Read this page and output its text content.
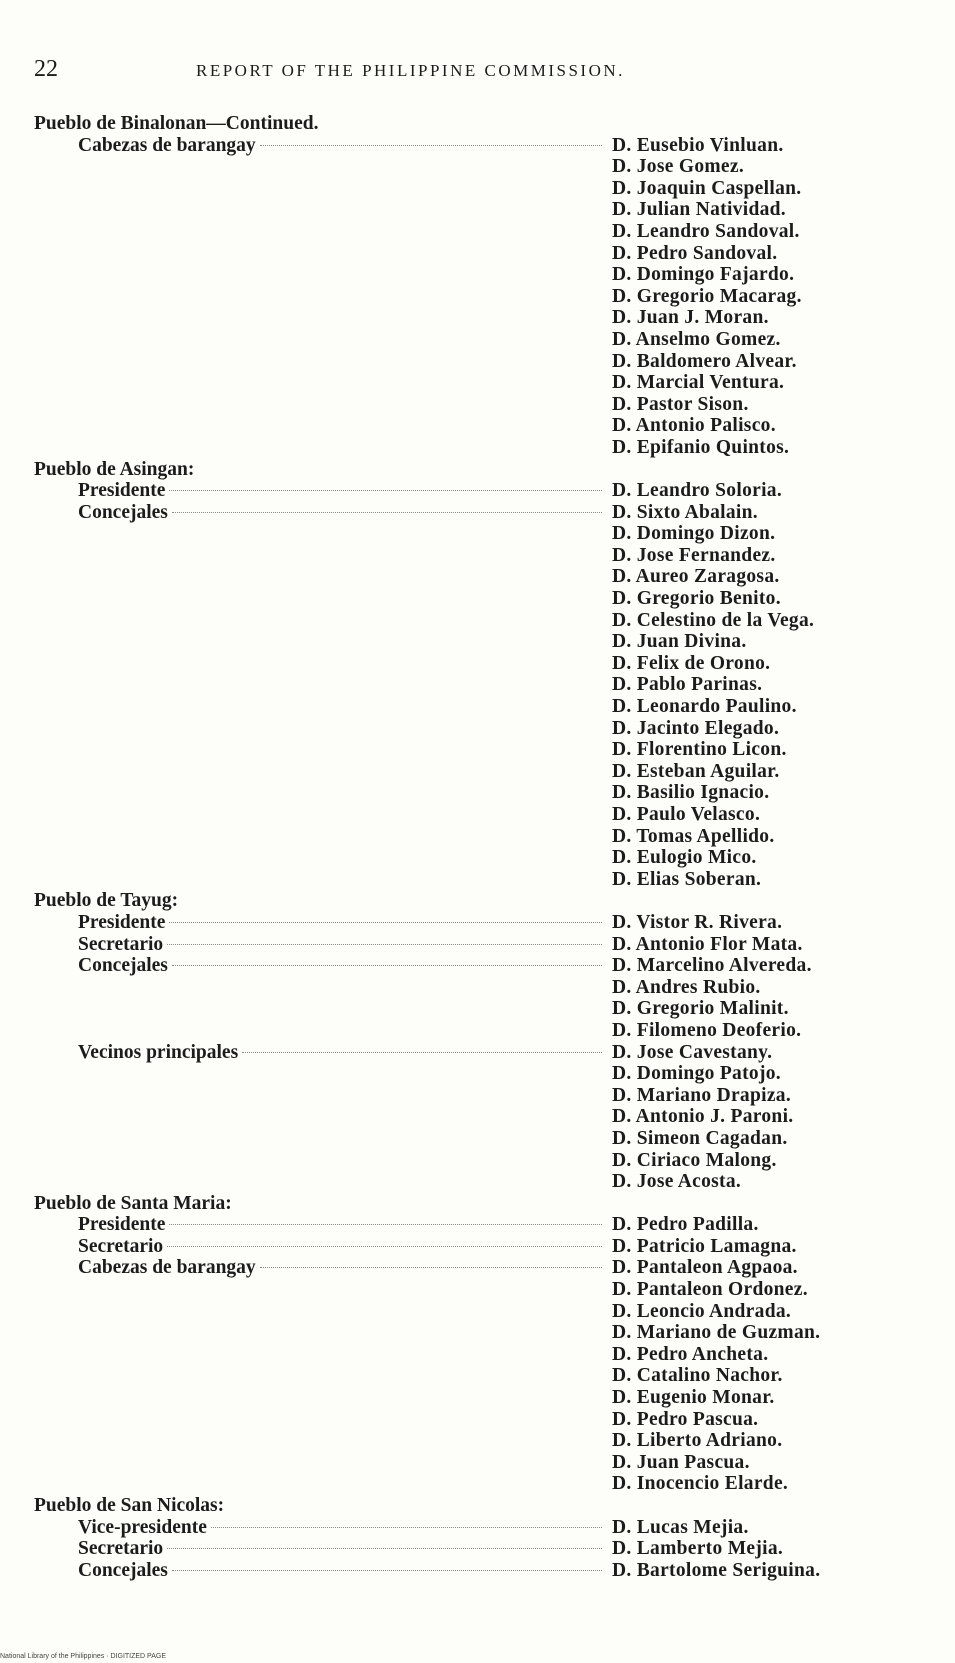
22	REPORT OF THE PHILIPPINE COMMISSION.
Pueblo de Binalonan—Continued.
Cabezas de barangay	D. Eusebio Vinluan.
D. Jose Gomez.
D. Joaquin Caspellan.
D. Julian Natividad.
D. Leandro Sandoval.
D. Pedro Sandoval.
D. Domingo Fajardo.
D. Gregorio Macarag.
D. Juan J. Moran.
D. Anselmo Gomez.
D. Baldomero Alvear.
D. Marcial Ventura.
D. Pastor Sison.
D. Antonio Palisco.
D. Epifanio Quintos.
Pueblo de Asingan:
Presidente	D. Leandro Soloria.
Concejales	D. Sixto Abalain.
D. Domingo Dizon.
D. Jose Fernandez.
D. Aureo Zaragosa.
D. Gregorio Benito.
D. Celestino de la Vega.
D. Juan Divina.
D. Felix de Orono.
D. Pablo Parinas.
D. Leonardo Paulino.
D. Jacinto Elegado.
D. Florentino Licon.
D. Esteban Aguilar.
D. Basilio Ignacio.
D. Paulo Velasco.
D. Tomas Apellido.
D. Eulogio Mico.
D. Elias Soberan.
Pueblo de Tayug:
Presidente	D. Vistor R. Rivera.
Secretario	D. Antonio Flor Mata.
Concejales	D. Marcelino Alvereda.
D. Andres Rubio.
D. Gregorio Malinit.
D. Filomeno Deoferio.
Vecinos principales	D. Jose Cavestany.
D. Domingo Patojo.
D. Mariano Drapiza.
D. Antonio J. Paroni.
D. Simeon Cagadan.
D. Ciriaco Malong.
D. Jose Acosta.
Pueblo de Santa Maria:
Presidente	D. Pedro Padilla.
Secretario	D. Patricio Lamagna.
Cabezas de barangay	D. Pantaleon Agpaoa.
D. Pantaleon Ordonez.
D. Leoncio Andrada.
D. Mariano de Guzman.
D. Pedro Ancheta.
D. Catalino Nachor.
D. Eugenio Monar.
D. Pedro Pascua.
D. Liberto Adriano.
D. Juan Pascua.
D. Inocencio Elarde.
Pueblo de San Nicolas:
Vice-presidente	D. Lucas Mejia.
Secretario	D. Lamberto Mejia.
Concejales	D. Bartolome Seriguina.
National Library of the Philippines · DIGITIZED PAGE
